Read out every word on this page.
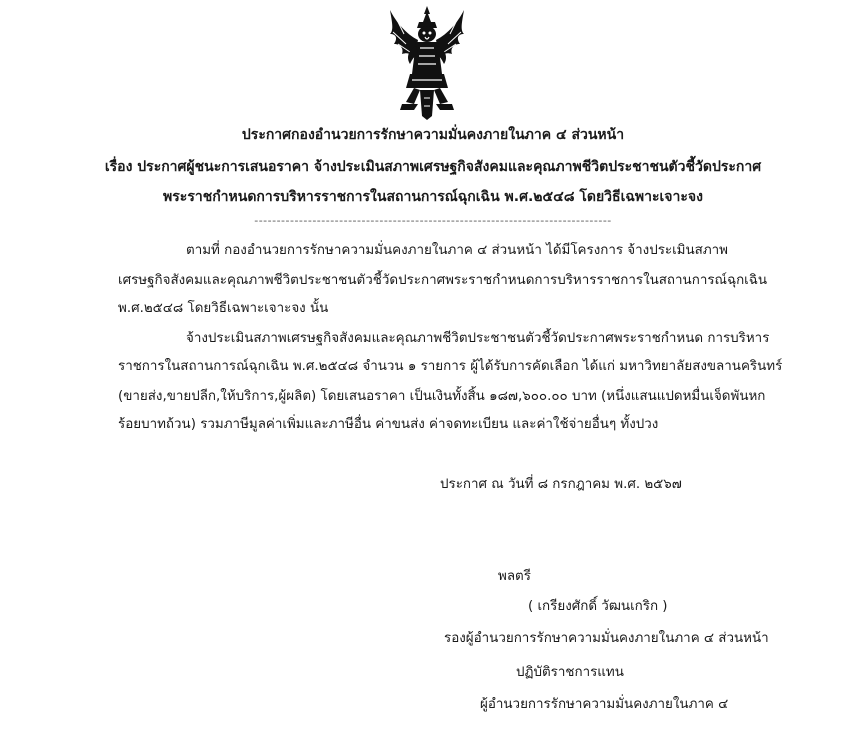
ประกาศกองอำนวยการรักษาความมั่นคงภายในภาค ๔ ส่วนหน้า
เรื่อง ประกาศผู้ชนะการเสนอราคา จ้างประเมินสภาพเศรษฐกิจสังคมและคุณภาพชีวิตประชาชนตัวชี้วัดประกาศ
พระราชกำหนดการบริหารราชการในสถานการณ์ฉุกเฉิน พ.ศ.๒๕๔๘ โดยวิธีเฉพาะเจาะจง
--------------------------------------------------------------------------------
ตามที่ กองอำนวยการรักษาความมั่นคงภายในภาค ๔ ส่วนหน้า ได้มีโครงการ จ้างประเมินสภาพ
เศรษฐกิจสังคมและคุณภาพชีวิตประชาชนตัวชี้วัดประกาศพระราชกำหนดการบริหารราชการในสถานการณ์ฉุกเฉิน
พ.ศ.๒๕๔๘ โดยวิธีเฉพาะเจาะจง นั้น
จ้างประเมินสภาพเศรษฐกิจสังคมและคุณภาพชีวิตประชาชนตัวชี้วัดประกาศพระราชกำหนด การบริหาร
ราชการในสถานการณ์ฉุกเฉิน พ.ศ.๒๕๔๘ จำนวน ๑ รายการ ผู้ได้รับการคัดเลือก ได้แก่ มหาวิทยาลัยสงขลานครินทร์
(ขายส่ง,ขายปลีก,ให้บริการ,ผู้ผลิต) โดยเสนอราคา เป็นเงินทั้งสิ้น ๑๘๗,๖๐๐.๐๐ บาท (หนึ่งแสนแปดหมื่นเจ็ดพันหก
ร้อยบาทถ้วน) รวมภาษีมูลค่าเพิ่มและภาษีอื่น ค่าขนส่ง ค่าจดทะเบียน และค่าใช้จ่ายอื่นๆ ทั้งปวง
ประกาศ ณ วันที่ ๘ กรกฎาคม พ.ศ. ๒๕๖๗
พลตรี
( เกรียงศักดิ์ วัฒนเกริก )
รองผู้อำนวยการรักษาความมั่นคงภายในภาค ๔ ส่วนหน้า
ปฏิบัติราชการแทน
ผู้อำนวยการรักษาความมั่นคงภายในภาค ๔
